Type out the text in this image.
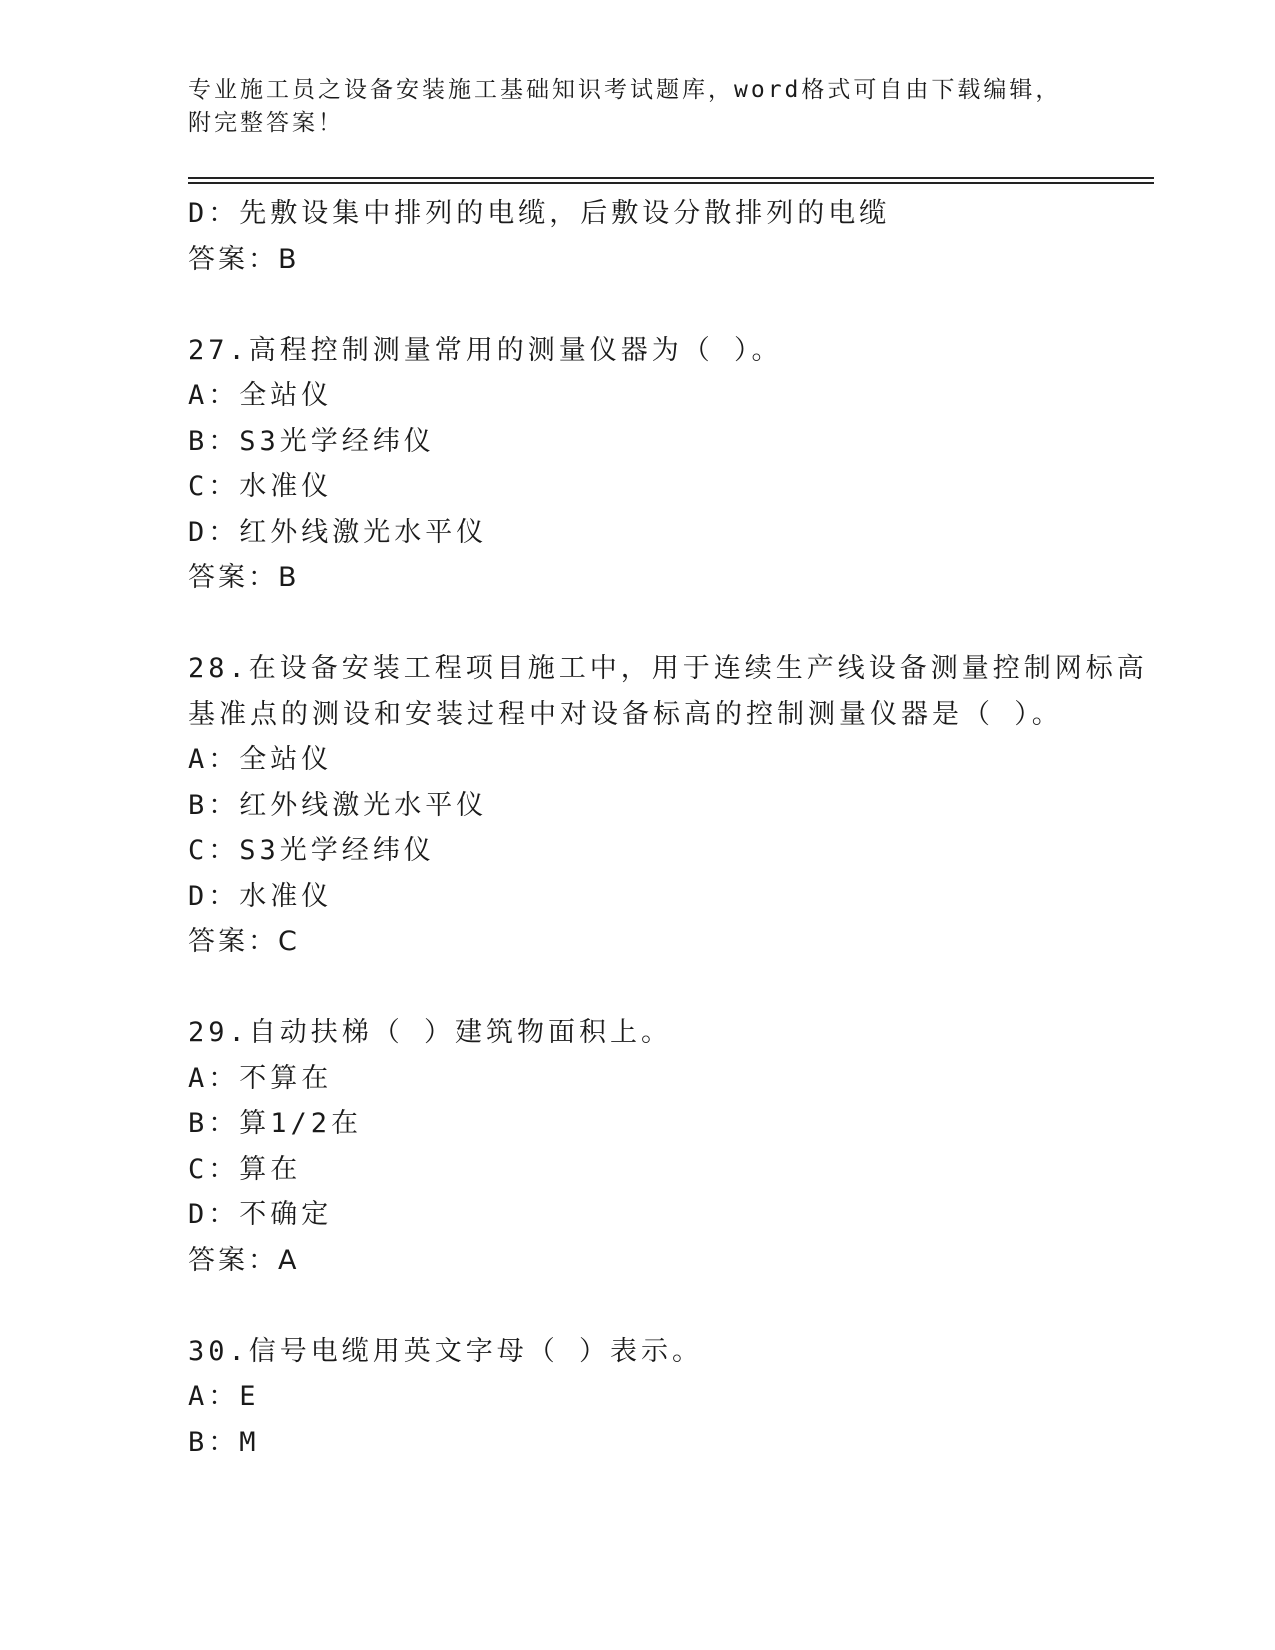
专业施工员之设备安装施工基础知识考试题库，word格式可自由下载编辑，附完整答案！
D：先敷设集中排列的电缆，后敷设分散排列的电缆
答案：B
27.高程控制测量常用的测量仪器为（ ）。
A：全站仪
B：S3光学经纬仪
C：水准仪
D：红外线激光水平仪
答案：B
28.在设备安装工程项目施工中，用于连续生产线设备测量控制网标高
基准点的测设和安装过程中对设备标高的控制测量仪器是（ ）。
A：全站仪
B：红外线激光水平仪
C：S3光学经纬仪
D：水准仪
答案：C
29.自动扶梯（ ）建筑物面积上。
A：不算在
B：算1/2在
C：算在
D：不确定
答案：A
30.信号电缆用英文字母（ ）表示。
A：E
B：M
